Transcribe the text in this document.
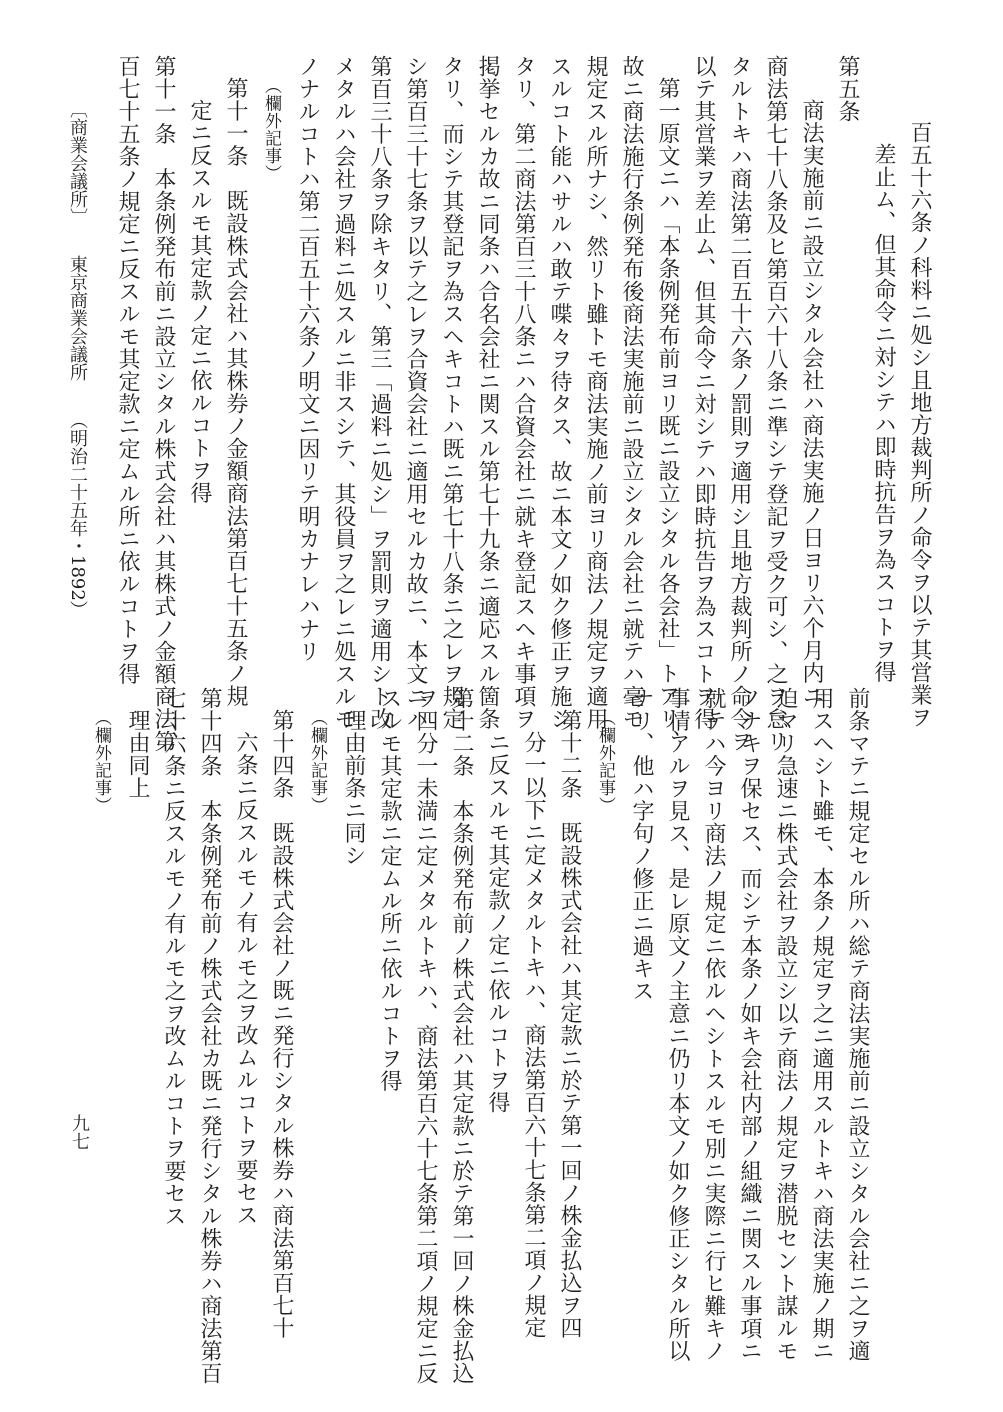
百五十六条ノ科料ニ処シ且地方裁判所ノ命令ヲ以テ其営業ヲ
差止ム、但其命令ニ対シテハ即時抗告ヲ為スコトヲ得
第五条
商法実施前ニ設立シタル会社ハ商法実施ノ日ヨリ六个月内ニ
商法第七十八条及ヒ第百六十八条ニ準シテ登記ヲ受ク可シ、之ヲ怠リ
タルトキハ商法第二百五十六条ノ罰則ヲ適用シ且地方裁判所ノ命令ヲ
以テ其営業ヲ差止ム、但其命令ニ対シテハ即時抗告ヲ為スコトヲ得
第一原文ニハ「本条例発布前ヨリ既ニ設立シタル各会社」トアリ、
故ニ商法施行条例発布後商法実施前ニ設立シタル会社ニ就テハ毫モ
規定スル所ナシ、然リト雖トモ商法実施ノ前ヨリ商法ノ規定ヲ適用
スルコト能ハサルハ敢テ喋々ヲ待タス、故ニ本文ノ如ク修正ヲ施シ
タリ、第二商法第百三十八条ニハ合資会社ニ就キ登記スヘキ事項ヲ
掲挙セルカ故ニ同条ハ合名会社ニ関スル第七十九条ニ適応スル箇条
タリ、而シテ其登記ヲ為スヘキコトハ既ニ第七十八条ニ之レヲ規定
シ第百三十七条ヲ以テ之レヲ合資会社ニ適用セルカ故ニ、本文ニハ
第百三十八条ヲ除キタリ、第三「過料ニ処シ」ヲ罰則ヲ適用シト改
メタルハ会社ヲ過料ニ処スルニ非スシテ、其役員ヲ之レニ処スルモ
ノナルコトハ第二百五十六条ノ明文ニ因リテ明カナレハナリ
（欄外記事）
第十一条　既設株式会社ハ其株券ノ金額商法第百七十五条ノ規
定ニ反スルモ其定款ノ定ニ依ルコトヲ得
第十一条　本条例発布前ニ設立シタル株式会社ハ其株式ノ金額商法第
百七十五条ノ規定ニ反スルモ其定款ニ定ムル所ニ依ルコトヲ得
前条マテニ規定セル所ハ総テ商法実施前ニ設立シタル会社ニ之ヲ適
用スヘシト雖モ、本条ノ規定ヲ之ニ適用スルトキハ商法実施ノ期ニ
迫マリ急速ニ株式会社ヲ設立シ以テ商法ノ規定ヲ潜脱セント謀ルモ
ノナキヲ保セス、而シテ本条ノ如キ会社内部ノ組織ニ関スル事項ニ
就テハ今ヨリ商法ノ規定ニ依ルヘシトスルモ別ニ実際ニ行ヒ難キノ
事情アルヲ見ス、是レ原文ノ主意ニ仍リ本文ノ如ク修正シタル所以
ナリ、他ハ字句ノ修正ニ過キス
（欄外記事）
第十二条　既設株式会社ハ其定款ニ於テ第一回ノ株金払込ヲ四
分一以下ニ定メタルトキハ、商法第百六十七条第二項ノ規定
ニ反スルモ其定款ノ定ニ依ルコトヲ得
第十二条　本条例発布前ノ株式会社ハ其定款ニ於テ第一回ノ株金払込
ヲ四分一未満ニ定メタルトキハ、商法第百六十七条第二項ノ規定ニ反
スルモ其定款ニ定ムル所ニ依ルコトヲ得
理由前条ニ同シ
（欄外記事）
第十四条　既設株式会社ノ既ニ発行シタル株券ハ商法第百七十
六条ニ反スルモノ有ルモ之ヲ改ムルコトヲ要セス
第十四条　本条例発布前ノ株式会社カ既ニ発行シタル株券ハ商法第百
七十六条ニ反スルモノ有ルモ之ヲ改ムルコトヲ要セス
理由同上
（欄外記事）
〔商業会議所〕  東京商業会議所  （明治二十五年・1892）
九七
